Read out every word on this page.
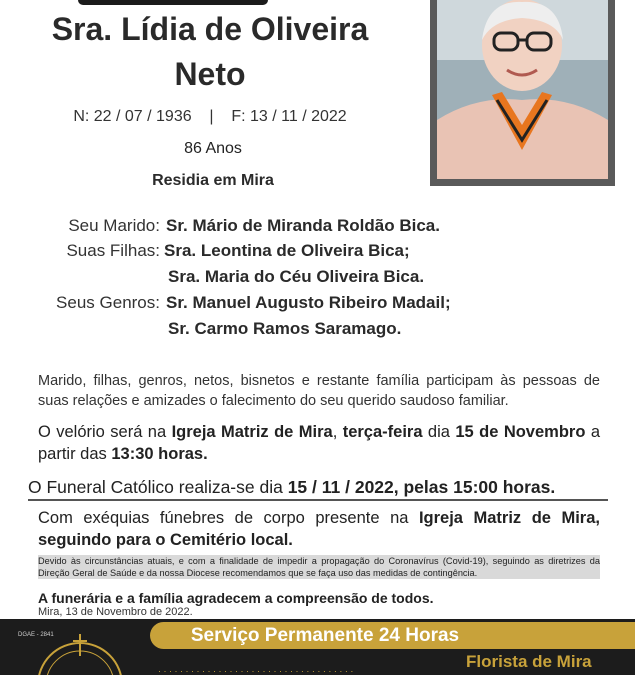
Sra. Lídia de Oliveira
Neto
N: 22 / 07 / 1936    |    F: 13 / 11 / 2022
86 Anos
Residia em Mira
Seu Marido: Sr. Mário de Miranda Roldão Bica.
Suas Filhas: Sra. Leontina de Oliveira Bica;
Sra. Maria do Céu Oliveira Bica.
Seus Genros: Sr. Manuel Augusto Ribeiro Madail;
Sr. Carmo Ramos Saramago.
Marido, filhas, genros, netos, bisnetos e restante família participam às pessoas de suas relações e amizades o falecimento do seu querido saudoso familiar.
O velório será na Igreja Matriz de Mira, terça-feira dia 15 de Novembro a partir das 13:30 horas.
O Funeral Católico realiza-se dia 15 / 11 / 2022, pelas 15:00 horas.
Com exéquias fúnebres de corpo presente na Igreja Matriz de Mira, seguindo para o Cemitério local.
Devido às circunstâncias atuais, e com a finalidade de impedir a propagação do Coronavírus (Covid-19), seguindo as diretrizes da Direção Geral de Saúde e da nossa Diocese recomendamos que se faça uso das medidas de contingência.
A funerária e a família agradecem a compreensão de todos.
Mira, 13 de Novembro de 2022.
DGAE - 2841	Serviço Permanente 24 Horas
Florista de Mira
· · · · · · · · · · · · · · · · · · · · · · · · · · · · · · · · · · · ·
